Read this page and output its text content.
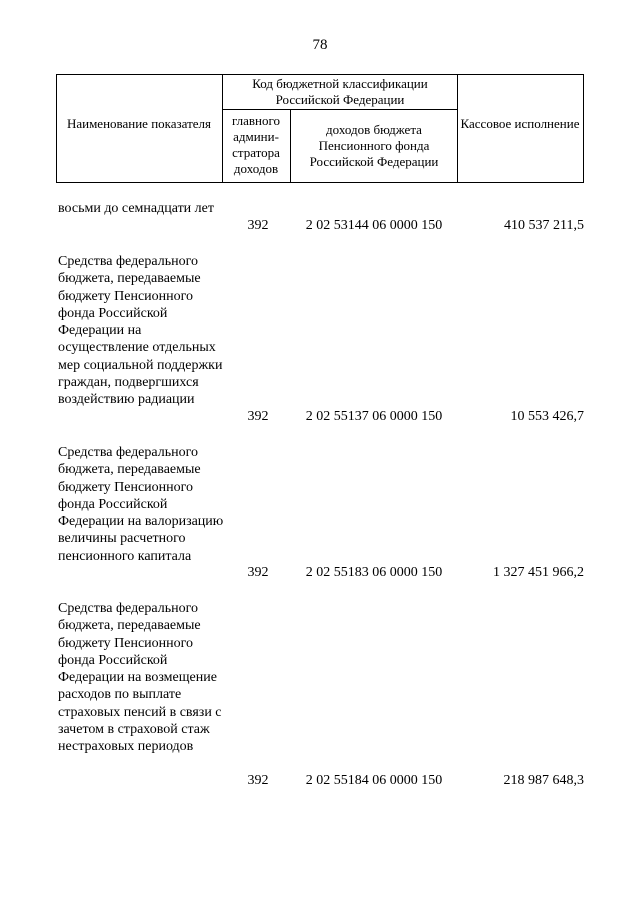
78
Наименование показателя
Код бюджетной классификации Российской Федерации
главного админи-стратора доходов
доходов бюджета Пенсионного фонда Российской Федерации
Кассовое исполнение
восьми до семнадцати лет
392	2 02 53144 06 0000 150	410 537 211,5
Средства федерального бюджета, передаваемые бюджету Пенсионного фонда Российской Федерации на осуществление отдельных мер социальной поддержки граждан, подвергшихся воздействию радиации
392	2 02 55137 06 0000 150	10 553 426,7
Средства федерального бюджета, передаваемые бюджету Пенсионного фонда Российской Федерации на валоризацию величины расчетного пенсионного капитала
392	2 02 55183 06 0000 150	1 327 451 966,2
Средства федерального бюджета, передаваемые бюджету Пенсионного фонда Российской Федерации на возмещение расходов по выплате страховых пенсий в связи с зачетом в страховой стаж нестраховых периодов
392	2 02 55184 06 0000 150	218 987 648,3
